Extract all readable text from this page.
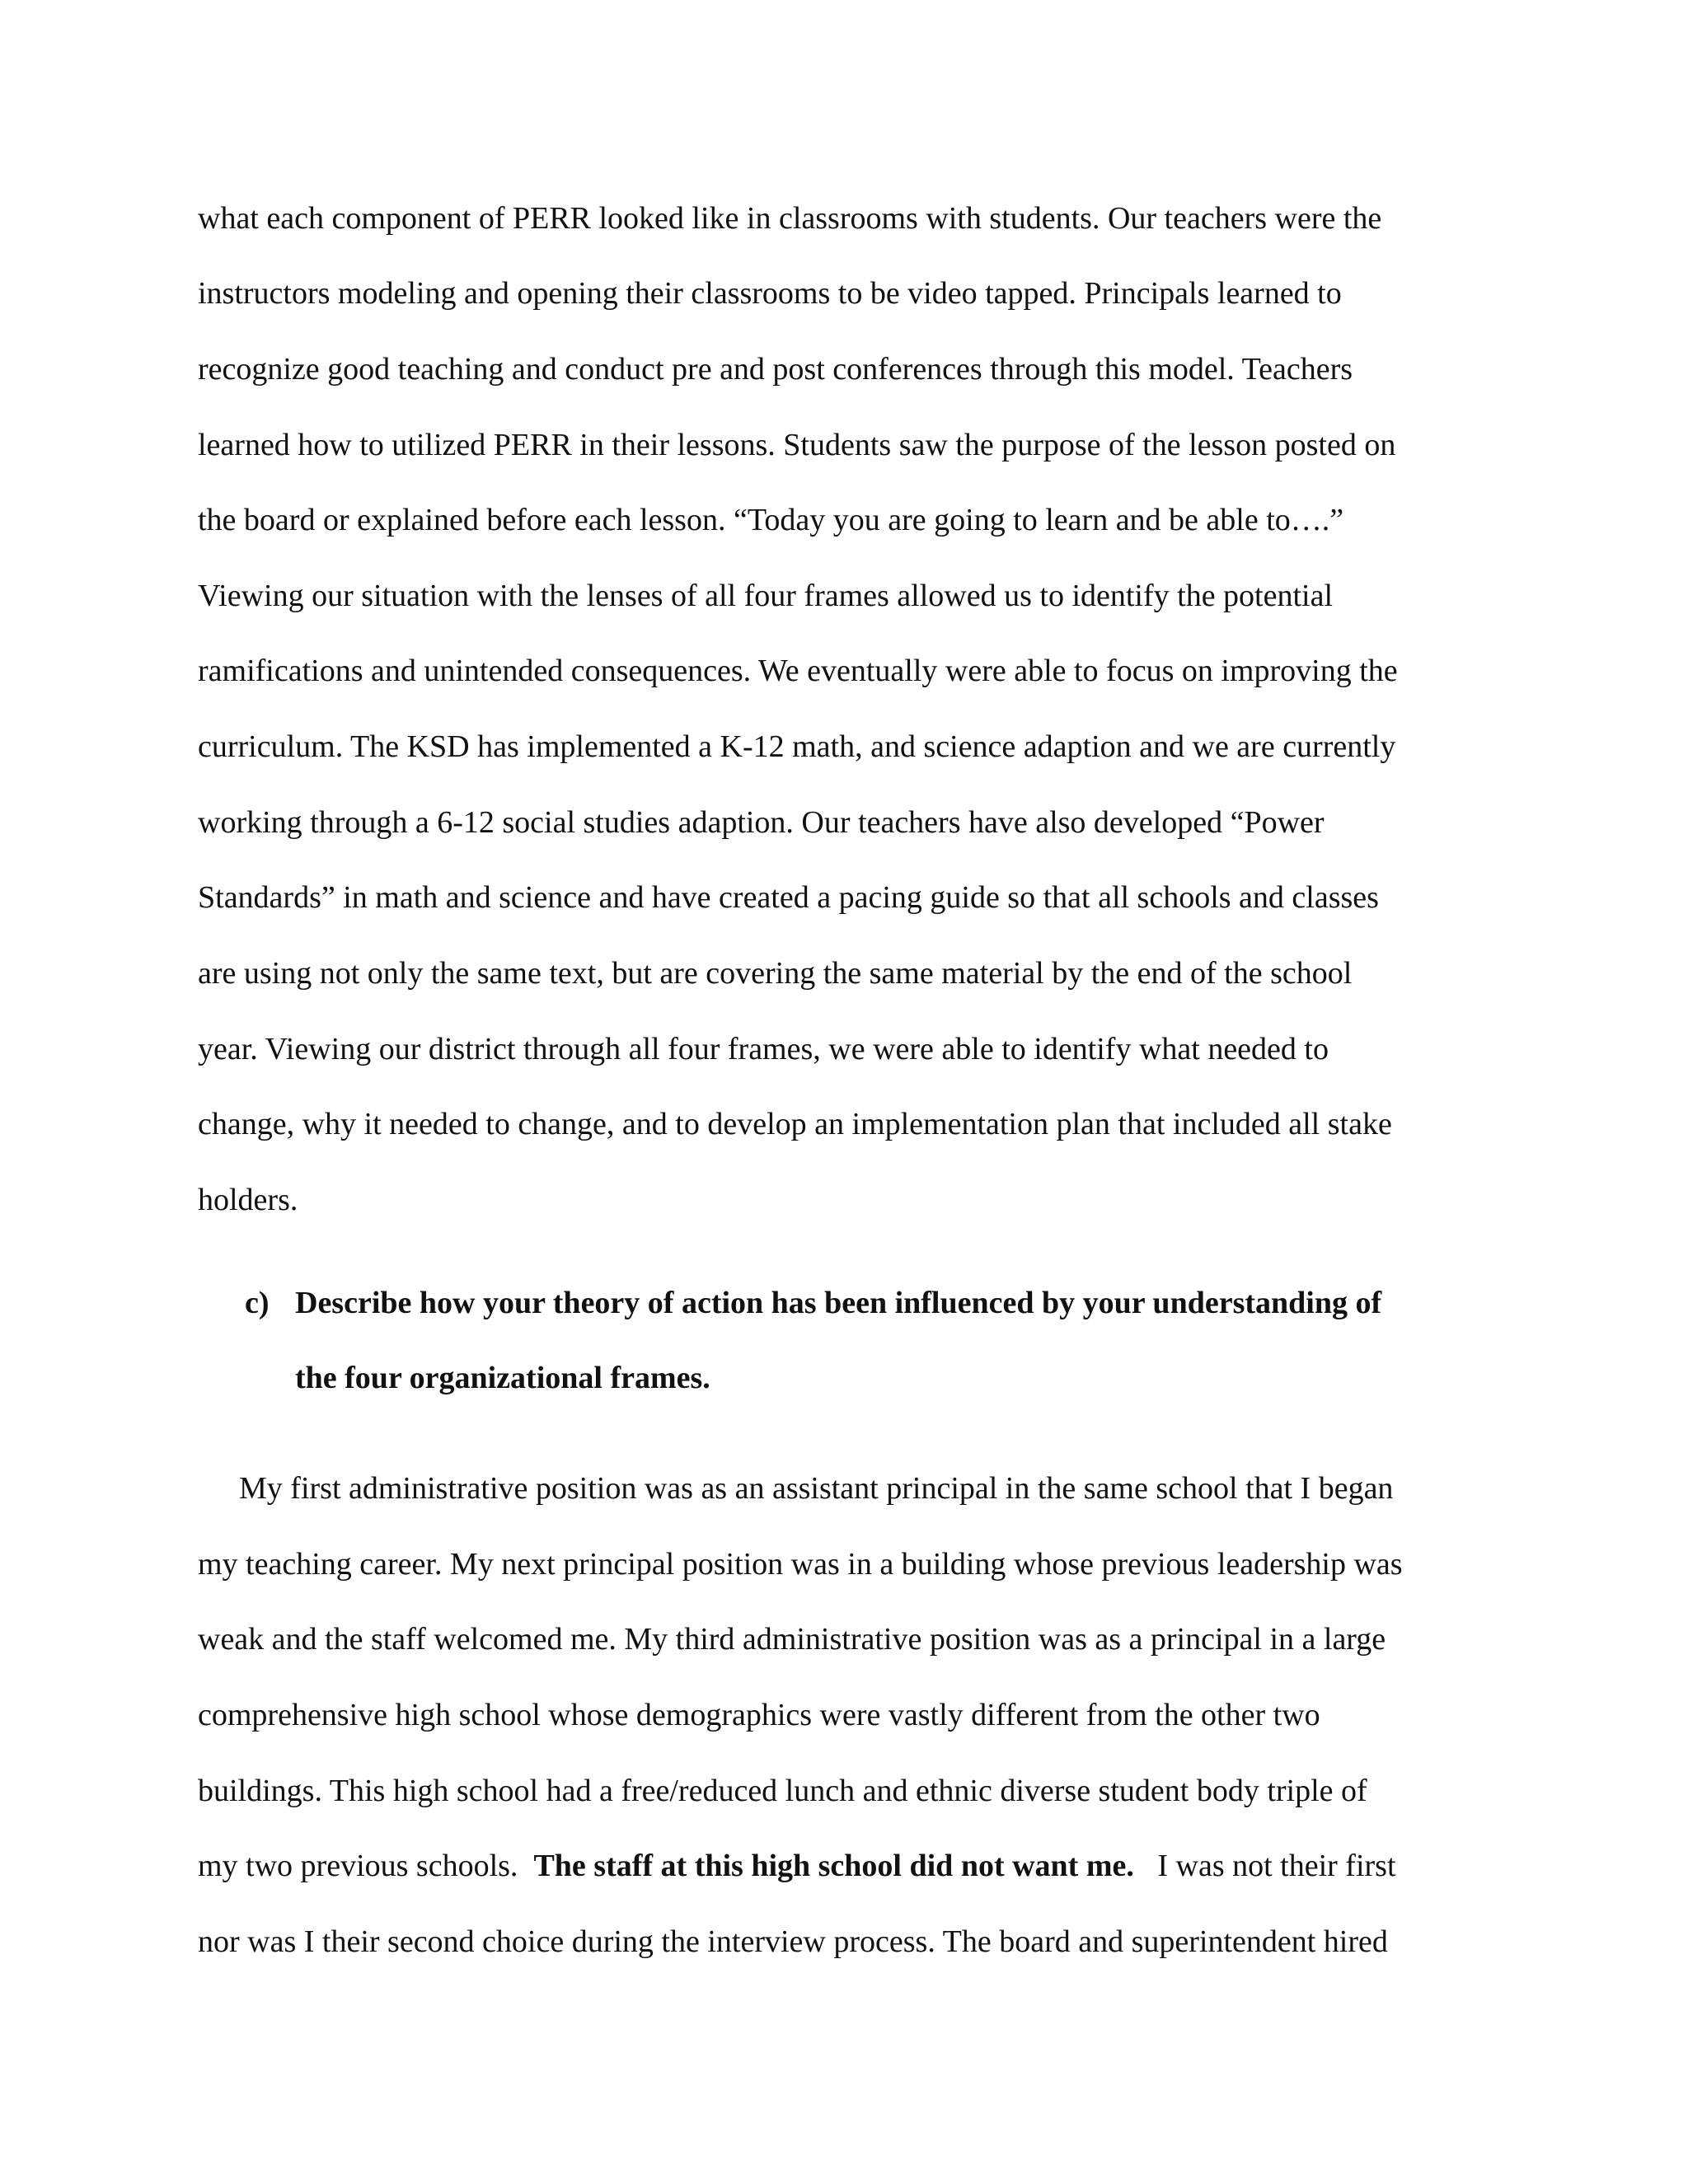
what each component of PERR looked like in classrooms with students. Our teachers were the
instructors modeling and opening their classrooms to be video tapped. Principals learned to
recognize good teaching and conduct pre and post conferences through this model. Teachers
learned how to utilized PERR in their lessons. Students saw the purpose of the lesson posted on
the board or explained before each lesson. “Today you are going to learn and be able to….”
Viewing our situation with the lenses of all four frames allowed us to identify the potential
ramifications and unintended consequences. We eventually were able to focus on improving the
curriculum. The KSD has implemented a K-12 math, and science adaption and we are currently
working through a 6-12 social studies adaption. Our teachers have also developed “Power
Standards” in math and science and have created a pacing guide so that all schools and classes
are using not only the same text, but are covering the same material by the end of the school
year. Viewing our district through all four frames, we were able to identify what needed to
change, why it needed to change, and to develop an implementation plan that included all stake
holders.
c) Describe how your theory of action has been influenced by your understanding of
the four organizational frames.
My first administrative position was as an assistant principal in the same school that I began
my teaching career. My next principal position was in a building whose previous leadership was
weak and the staff welcomed me. My third administrative position was as a principal in a large
comprehensive high school whose demographics were vastly different from the other two
buildings. This high school had a free/reduced lunch and ethnic diverse student body triple of
my two previous schools.  The staff at this high school did not want me.   I was not their first
nor was I their second choice during the interview process. The board and superintendent hired
